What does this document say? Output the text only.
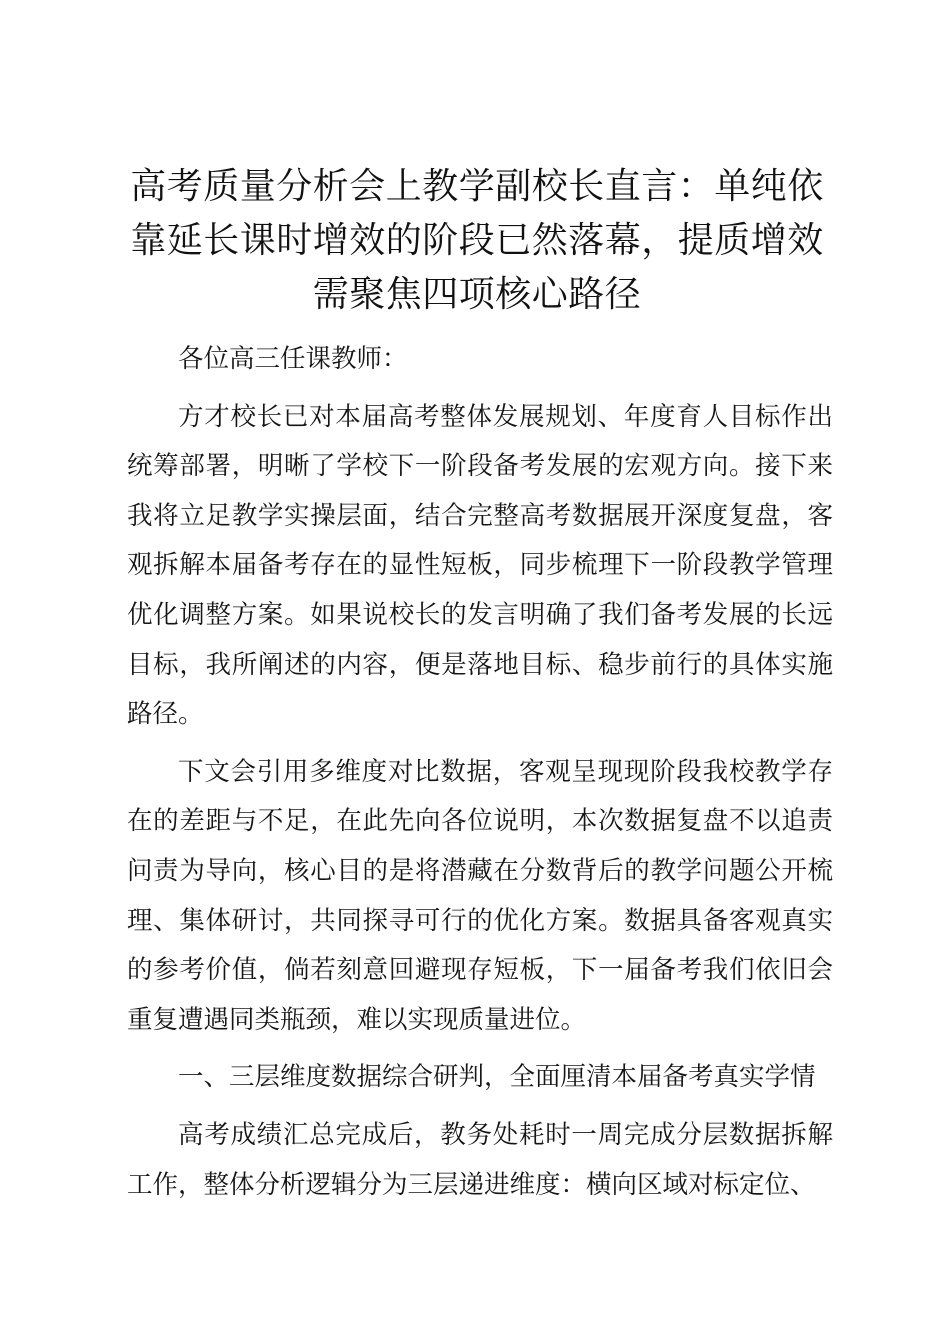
高考质量分析会上教学副校长直言：单纯依靠延长课时增效的阶段已然落幕，提质增效需聚焦四项核心路径

各位高三任课教师：

方才校长已对本届高考整体发展规划、年度育人目标作出统筹部署，明晰了学校下一阶段备考发展的宏观方向。接下来我将立足教学实操层面，结合完整高考数据展开深度复盘，客观拆解本届备考存在的显性短板，同步梳理下一阶段教学管理优化调整方案。如果说校长的发言明确了我们备考发展的长远目标，我所阐述的内容，便是落地目标、稳步前行的具体实施路径。

下文会引用多维度对比数据，客观呈现现阶段我校教学存在的差距与不足，在此先向各位说明，本次数据复盘不以追责问责为导向，核心目的是将潜藏在分数背后的教学问题公开梳理、集体研讨，共同探寻可行的优化方案。数据具备客观真实的参考价值，倘若刻意回避现存短板，下一届备考我们依旧会重复遭遇同类瓶颈，难以实现质量进位。

一、三层维度数据综合研判，全面厘清本届备考真实学情

高考成绩汇总完成后，教务处耗时一周完成分层数据拆解工作，整体分析逻辑分为三层递进维度：横向区域对标定位、
